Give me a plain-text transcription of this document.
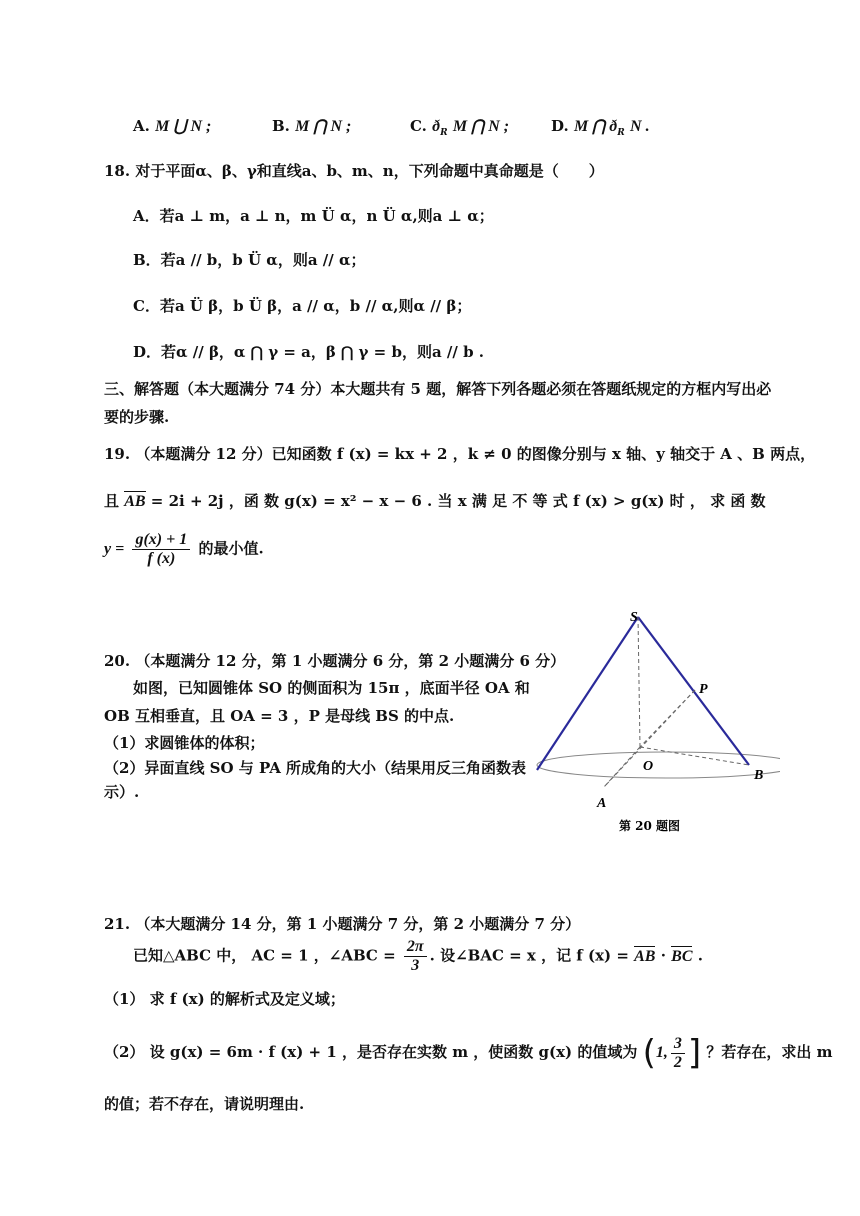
A. M ⋃ N ;	B. M ⋂ N ;	C. $ð_R$ M ⋂ N ;	D. M ⋂ $ð_R$ N .
18. 对于平面α、β、γ和直线a、b、m、n，下列命题中真命题是（　　）
A．若a ⊥ m，a ⊥ n，m Ü α，n Ü α,则a ⊥ α；
B．若a // b，b Ü α，则a // α；
C．若a Ü β，b Ü β，a // α，b // α,则α // β；
D．若α // β，α ⋂ γ = a，β ⋂ γ = b，则a // b .
三、解答题（本大题满分 74 分）本大题共有 5 题，解答下列各题必须在答题纸规定的方框内写出必
要的步骤.
19. （本题满分 12 分）已知函数 f (x) = kx + 2 ，k ≠ 0 的图像分别与 x 轴、y 轴交于 A 、B 两点，
且 AB = 2i + 2j ，函 数 g(x) = x² − x − 6 . 当 x 满 足 不 等 式 f (x) > g(x) 时 ， 求 函 数
$y = \frac{g(x) + 1}{f (x)}$ 的最小值.
20. （本题满分 12 分，第 1 小题满分 6 分，第 2 小题满分 6 分）
如图，已知圆锥体 SO 的侧面积为 15π ，底面半径 OA 和
OB 互相垂直，且 OA = 3 ，P 是母线 BS 的中点.
（1）求圆锥体的体积；
（2）异面直线 SO 与 PA 所成角的大小（结果用反三角函数表
示）.
S
P
O
A
B
第 20 题图
21. （本大题满分 14 分，第 1 小题满分 7 分，第 2 小题满分 7 分）
已知△ABC 中， AC = 1 ，∠ABC = $\frac{2\pi}{3}$ . 设∠BAC = x ，记 f (x) = AB · BC .
（1） 求 f (x) 的解析式及定义域；
（2） 设 g(x) = 6m · f (x) + 1 ，是否存在实数 m ，使函数 g(x) 的值域为 (1, $\frac{3}{2}$ ] ？若存在，求出 m
的值；若不存在，请说明理由.
